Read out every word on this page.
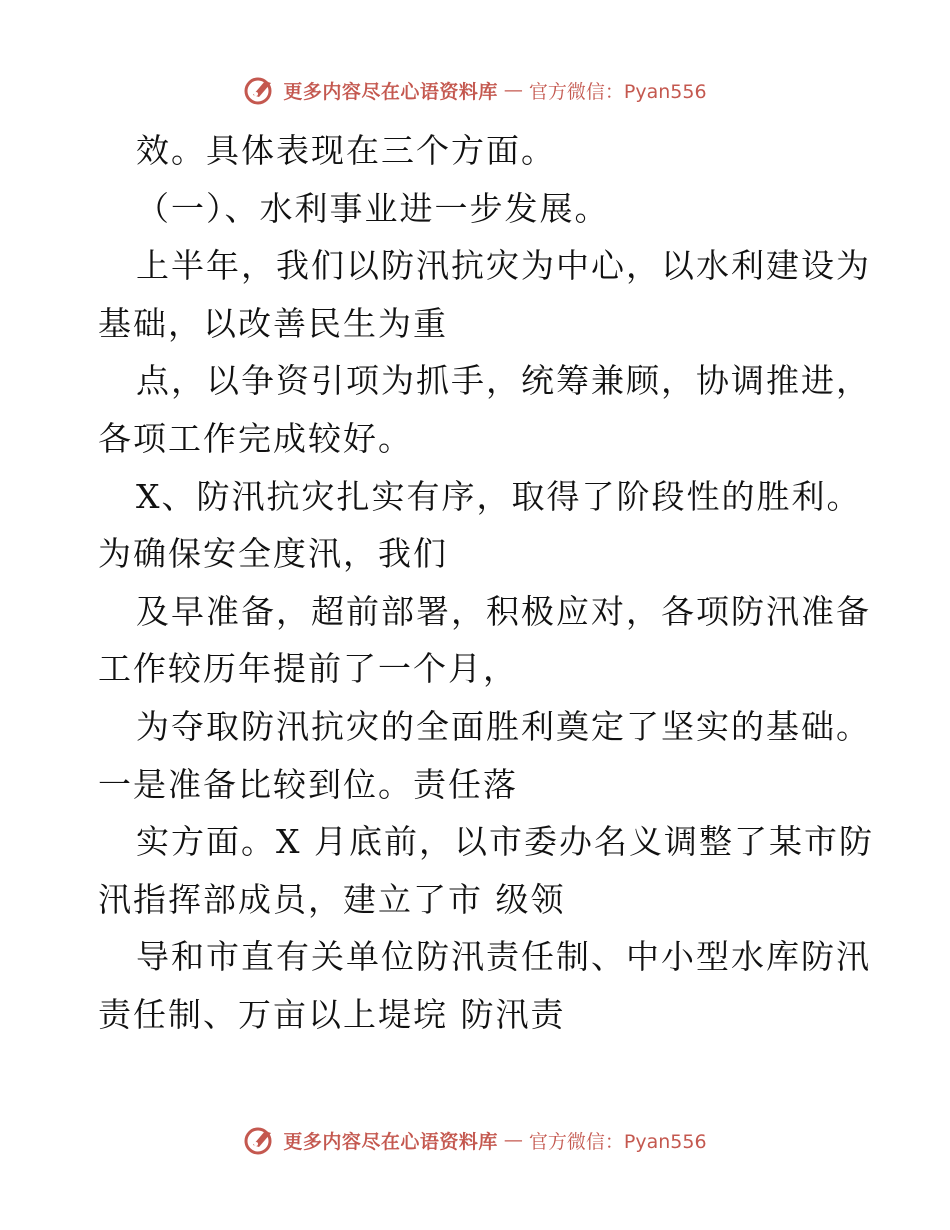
更多内容尽在心语资料库 — 官方微信：Pyan556
效。具体表现在三个方面。
（一）、水利事业进一步发展。
上半年，我们以防汛抗灾为中心，以水利建设为
基础，以改善民生为重
点，以争资引项为抓手，统筹兼顾，协调推进，
各项工作完成较好。
X、防汛抗灾扎实有序，取得了阶段性的胜利。
为确保安全度汛，我们
及早准备，超前部署，积极应对，各项防汛准备
工作较历年提前了一个月，
为夺取防汛抗灾的全面胜利奠定了坚实的基础。
一是准备比较到位。责任落
实方面。X 月底前，以市委办名义调整了某市防
汛指挥部成员，建立了市 级领
导和市直有关单位防汛责任制、中小型水库防汛
责任制、万亩以上堤垸 防汛责
更多内容尽在心语资料库 — 官方微信：Pyan556
